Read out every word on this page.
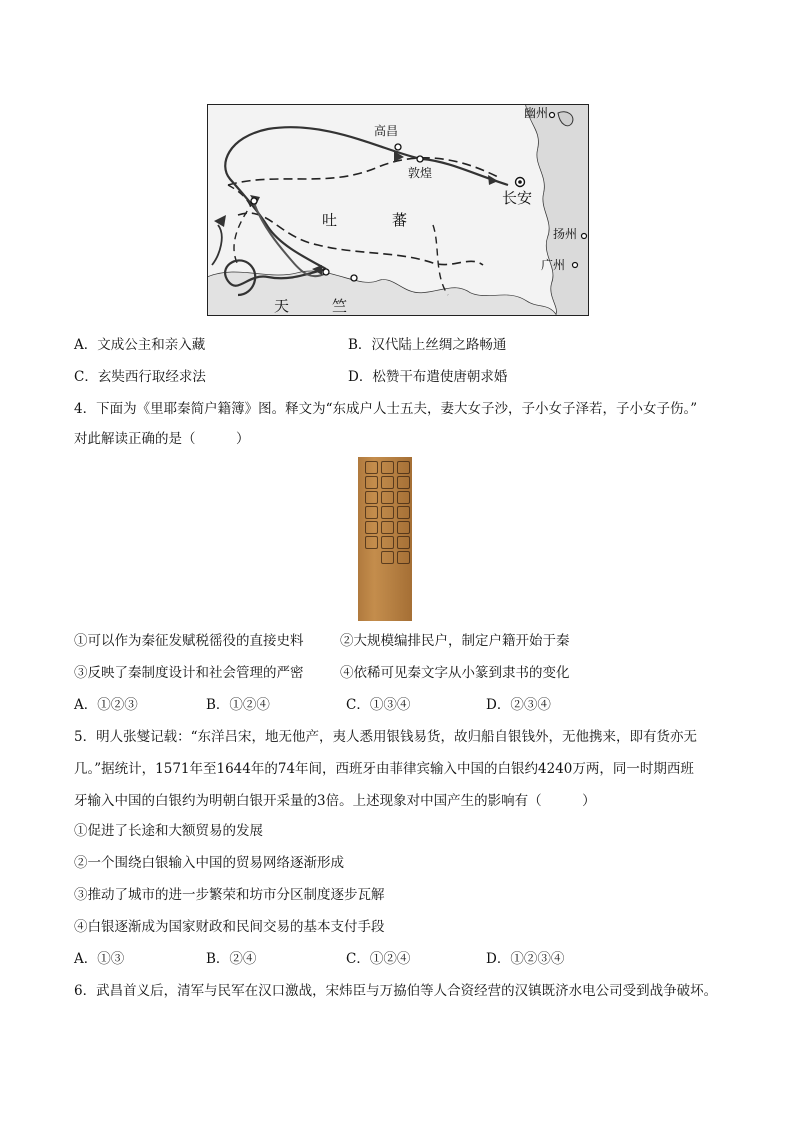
幽州
高昌
敦煌
长安
吐	蕃
扬州
广州
天	竺
A．文成公主和亲入藏	B．汉代陆上丝绸之路畅通
C．玄奘西行取经求法	D．松赞干布遣使唐朝求婚
4．下面为《里耶秦简户籍簿》图。释文为“东成户人士五夫，妻大女子沙，子小女子泽若，子小女子伤。”
对此解读正确的是（　　　）
①可以作为秦征发赋税徭役的直接史料	②大规模编排民户，制定户籍开始于秦
③反映了秦制度设计和社会管理的严密	④依稀可见秦文字从小篆到隶书的变化
A．①②③	B．①②④	C．①③④	D．②③④
5．明人张燮记载：“东洋吕宋，地无他产，夷人悉用银钱易货，故归船自银钱外，无他携来，即有货亦无
几。”据统计，1571年至1644年的74年间，西班牙由菲律宾输入中国的白银约4240万两，同一时期西班
牙输入中国的白银约为明朝白银开采量的3倍。上述现象对中国产生的影响有（　　　）
①促进了长途和大额贸易的发展
②一个围绕白银输入中国的贸易网络逐渐形成
③推动了城市的进一步繁荣和坊市分区制度逐步瓦解
④白银逐渐成为国家财政和民间交易的基本支付手段
A．①③	B．②④	C．①②④	D．①②③④
6．武昌首义后，清军与民军在汉口激战，宋炜臣与万拹伯等人合资经营的汉镇既济水电公司受到战争破坏。
